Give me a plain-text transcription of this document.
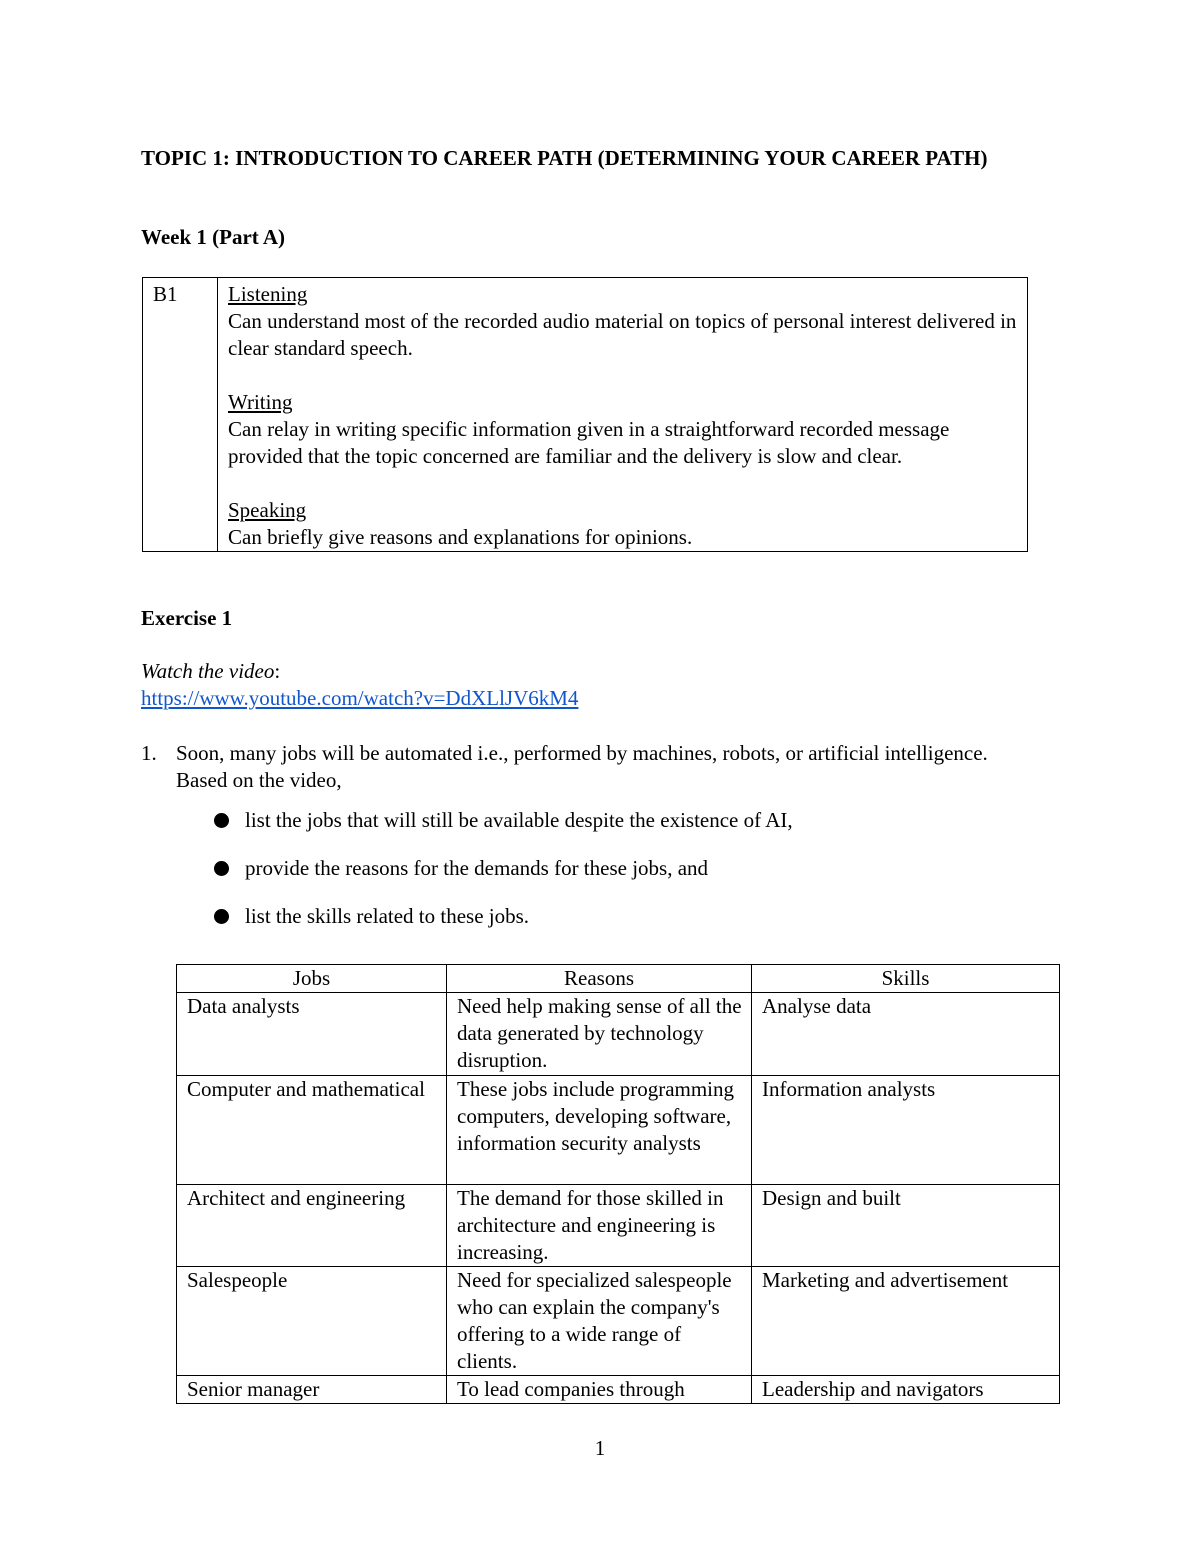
TOPIC 1: INTRODUCTION TO CAREER PATH (DETERMINING YOUR CAREER PATH)
Week 1 (Part A)
B1	Listening
Can understand most of the recorded audio material on topics of personal interest delivered in clear standard speech.
Writing
Can relay in writing specific information given in a straightforward recorded message provided that the topic concerned are familiar and the delivery is slow and clear.
Speaking
Can briefly give reasons and explanations for opinions.
Exercise 1
Watch the video:
https://www.youtube.com/watch?v=DdXLlJV6kM4
1. Soon, many jobs will be automated i.e., performed by machines, robots, or artificial intelligence. Based on the video,
list the jobs that will still be available despite the existence of AI,
provide the reasons for the demands for these jobs, and
list the skills related to these jobs.
Jobs	Reasons	Skills
Data analysts	Need help making sense of all the data generated by technology disruption.	Analyse data
Computer and mathematical	These jobs include programming computers, developing software, information security analysts	Information analysts
Architect and engineering	The demand for those skilled in architecture and engineering is increasing.	Design and built
Salespeople	Need for specialized salespeople who can explain the company's offering to a wide range of clients.	Marketing and advertisement
Senior manager	To lead companies through	Leadership and navigators
1
